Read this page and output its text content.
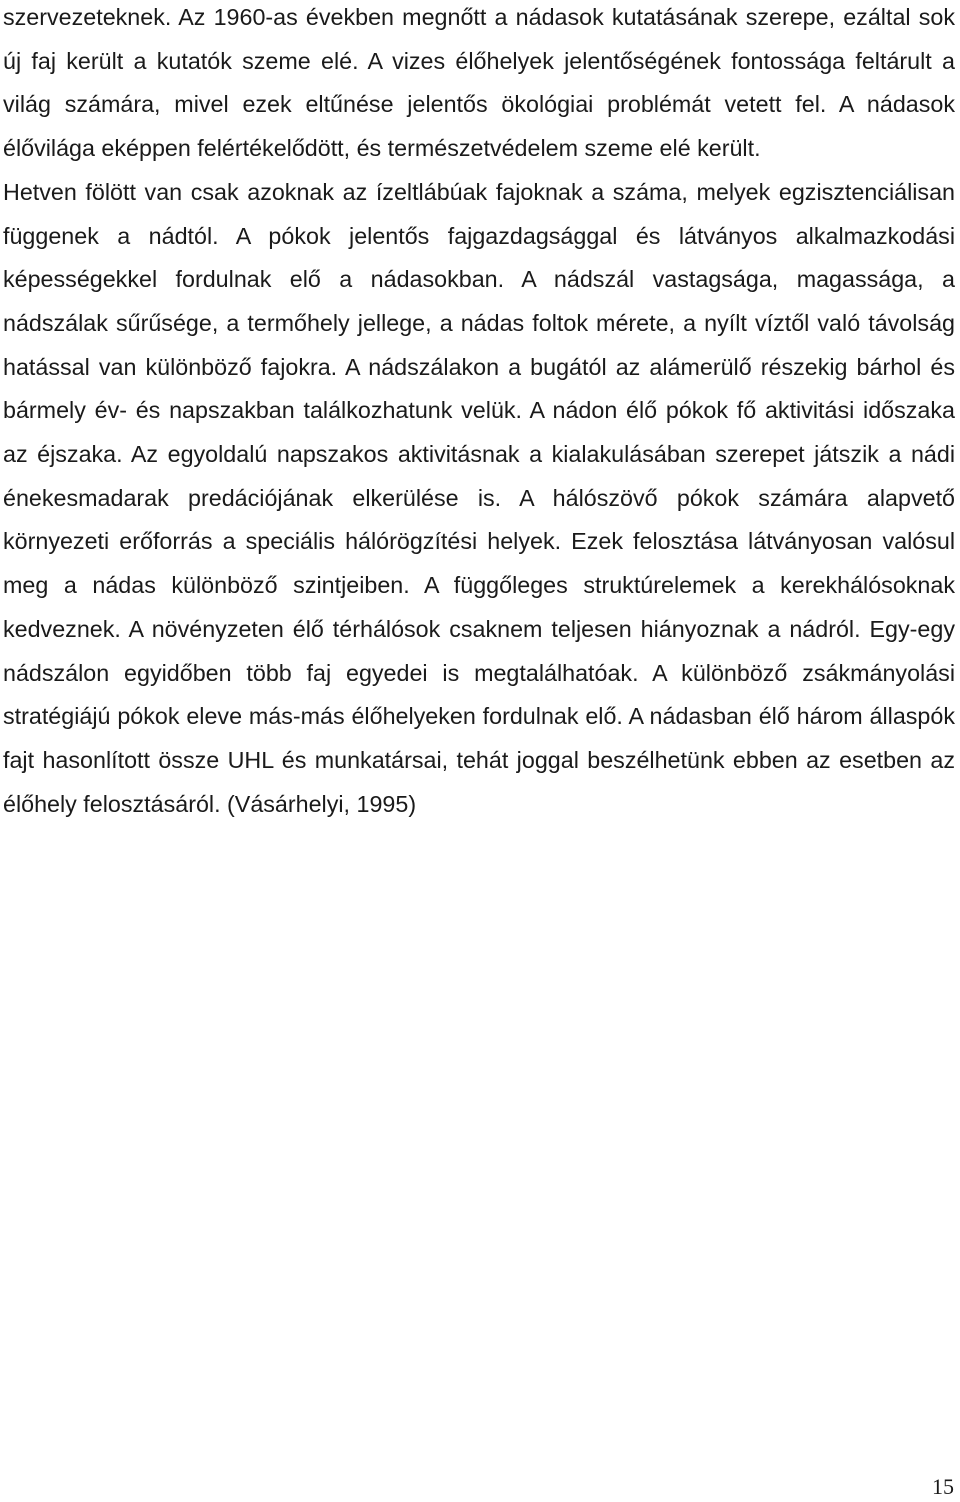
szervezeteknek. Az 1960-as években megnőtt a nádasok kutatásának szerepe, ezáltal sok új faj került a kutatók szeme elé. A vizes élőhelyek jelentőségének fontossága feltárult a világ számára, mivel ezek eltűnése jelentős ökológiai problémát vetett fel. A nádasok élővilága eképpen felértékelődött, és természetvédelem szeme elé került.

Hetven fölött van csak azoknak az ízeltlábúak fajoknak a száma, melyek egzisztenciálisan függenek a nádtól. A pókok jelentős fajgazdagsággal és látványos alkalmazkodási képességekkel fordulnak elő a nádasokban. A nádszál vastagsága, magassága, a nádszálak sűrűsége, a termőhely jellege, a nádas foltok mérete, a nyílt víztől való távolság hatással van különböző fajokra. A nádszálakon a bugától az alámerülő részekig bárhol és bármely év- és napszakban találkozhatunk velük. A nádon élő pókok fő aktivitási időszaka az éjszaka. Az egyoldalú napszakos aktivitásnak a kialakulásában szerepet játszik a nádi énekesmadarak predációjának elkerülése is. A hálószövő pókok számára alapvető környezeti erőforrás a speciális hálórögzítési helyek. Ezek felosztása látványosan valósul meg a nádas különböző szintjeiben. A függőleges struktúrelemek a kerekhálósoknak kedveznek. A növényzeten élő térhálósok csaknem teljesen hiányoznak a nádról. Egy-egy nádszálon egyidőben több faj egyedei is megtalálhatóak. A különböző zsákmányolási stratégiájú pókok eleve más-más élőhelyeken fordulnak elő. A nádasban élő három állaspók fajt hasonlított össze UHL és munkatársai, tehát joggal beszélhetünk ebben az esetben az élőhely felosztásáról. (Vásárhelyi, 1995)

15
